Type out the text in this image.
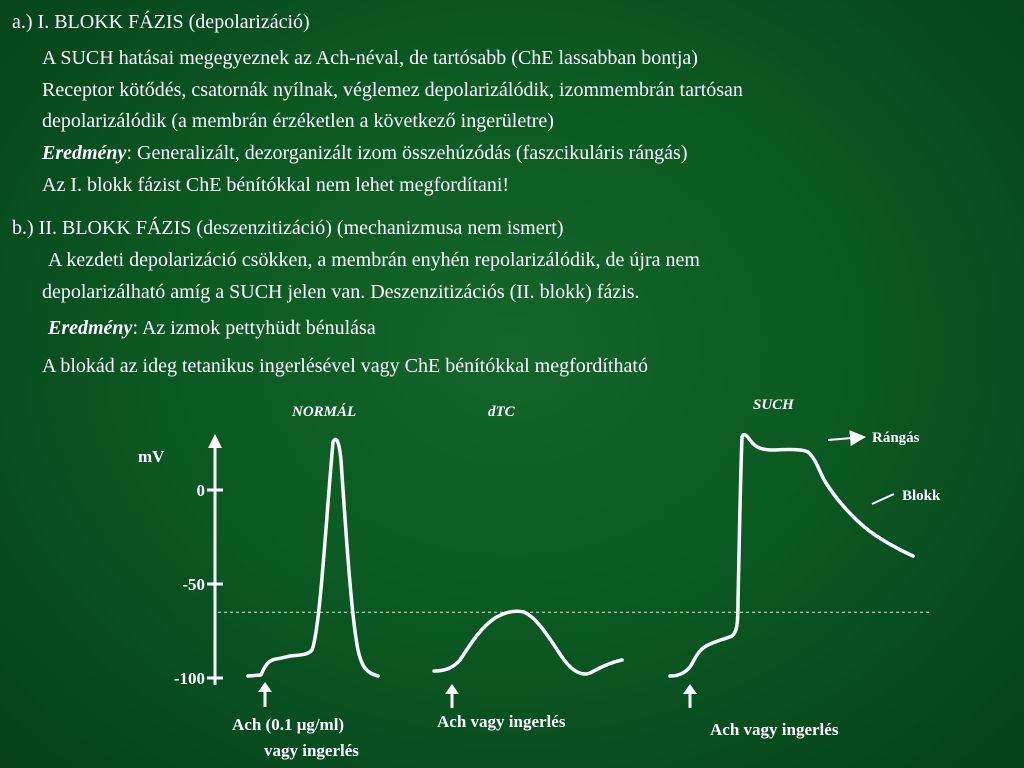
a.) I. BLOKK FÁZIS (depolarizáció)
A SUCH hatásai megegyeznek az Ach-néval, de tartósabb (ChE lassabban bontja)
Receptor kötődés, csatornák nyílnak, véglemez depolarizálódik, izommembrán tartósan
depolarizálódik (a membrán érzéketlen a következő ingerületre)
Eredmény: Generalizált, dezorganizált izom összehúzódás (faszcikuláris rángás)
Az I. blokk fázist ChE bénítókkal nem lehet megfordítani!
b.) II. BLOKK FÁZIS (deszenzitizáció) (mechanizmusa nem ismert)
A kezdeti depolarizáció csökken, a membrán enyhén repolarizálódik, de újra nem
depolarizálható amíg a SUCH jelen van. Deszenzitizációs (II. blokk) fázis.
Eredmény: Az izmok pettyhüdt bénulása
A blokád az ideg tetanikus ingerlésével vagy ChE bénítókkal megfordítható
mV
0
-50
-100
NORMÁL	dTC	SUCH
Ach (0.1 μg/ml)
vagy ingerlés
Ach vagy ingerlés	Ach vagy ingerlés
Rángás
Blokk
